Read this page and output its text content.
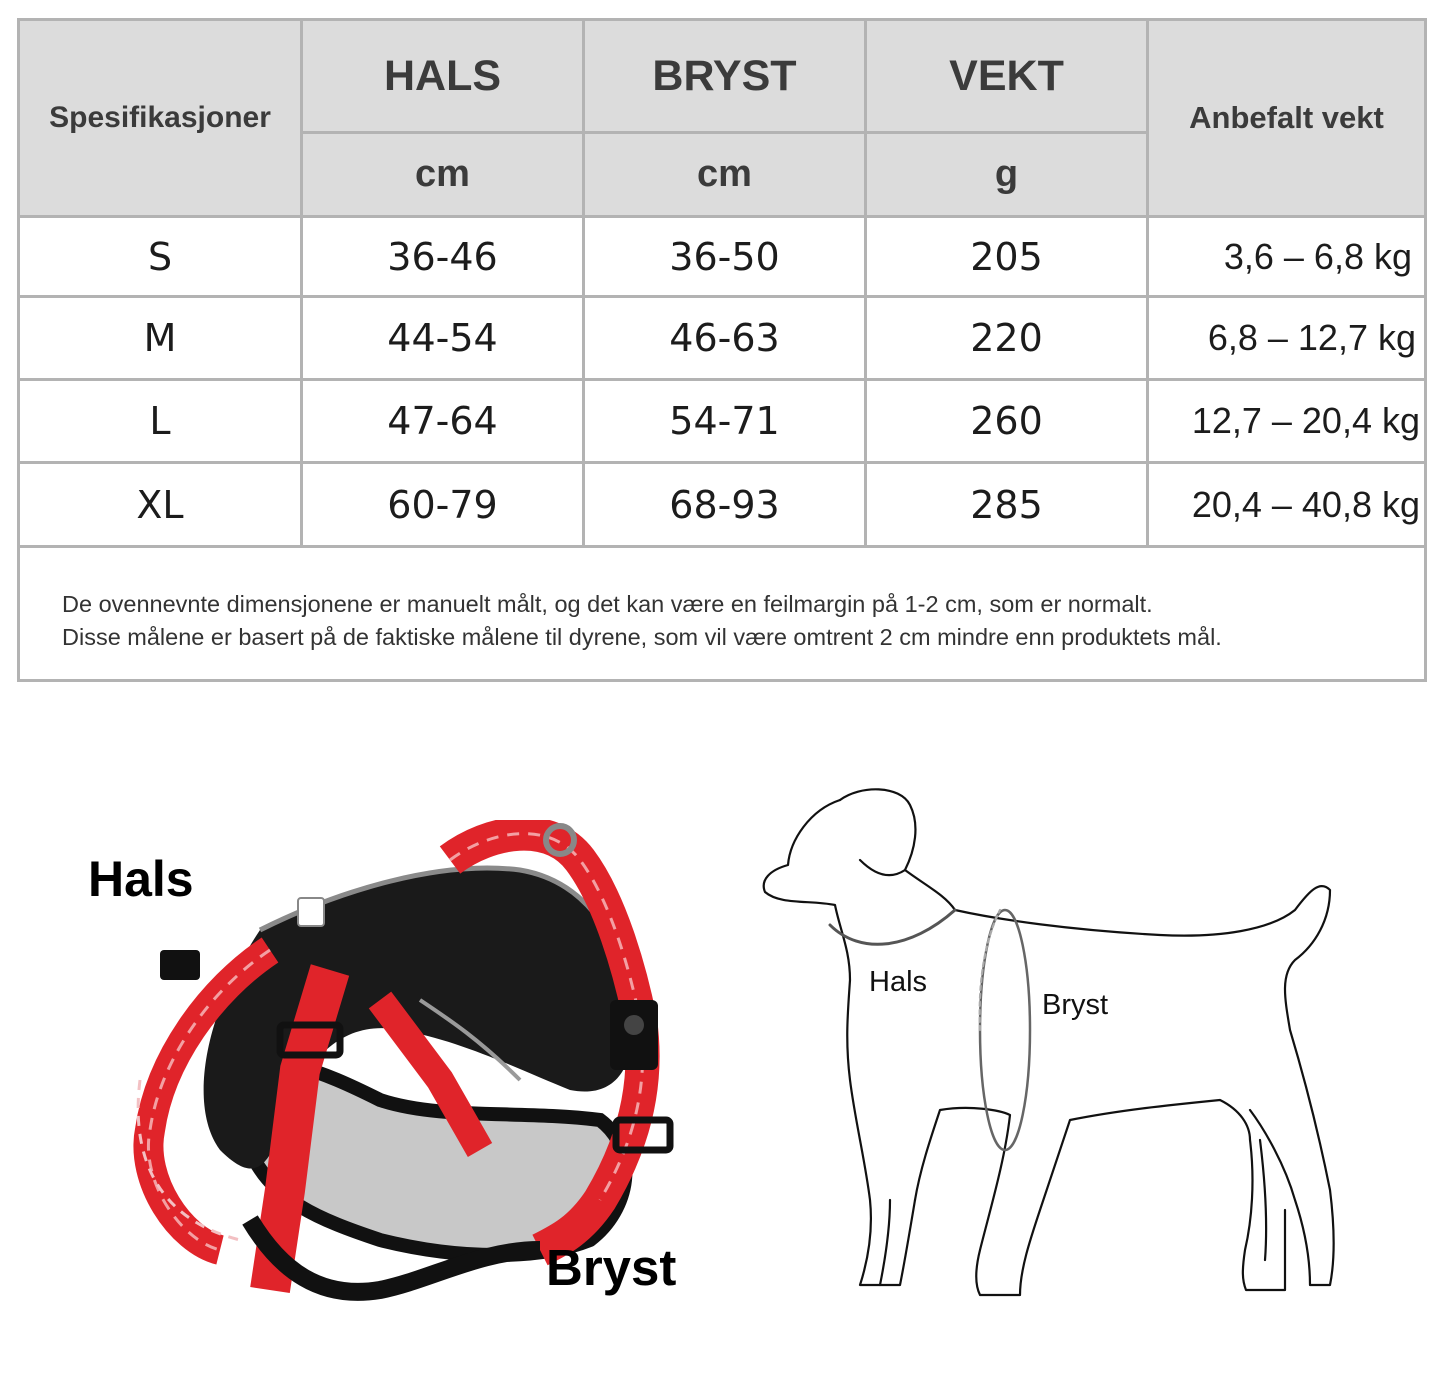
Spesifikasjoner
HALS	BRYST	VEKT
Anbefalt vekt
cm	cm	g
S	36-46	36-50	205	3,6 – 6,8 kg
M	44-54	46-63	220	6,8 – 12,7 kg
L	47-64	54-71	260	12,7 – 20,4 kg
XL	60-79	68-93	285	20,4 – 40,8 kg
De ovennevnte dimensjonene er manuelt målt, og det kan være en feilmargin på 1-2 cm, som er normalt.
Disse målene er basert på de faktiske målene til dyrene, som vil være omtrent 2 cm mindre enn produktets mål.
Hals
Bryst
Hals
Bryst
